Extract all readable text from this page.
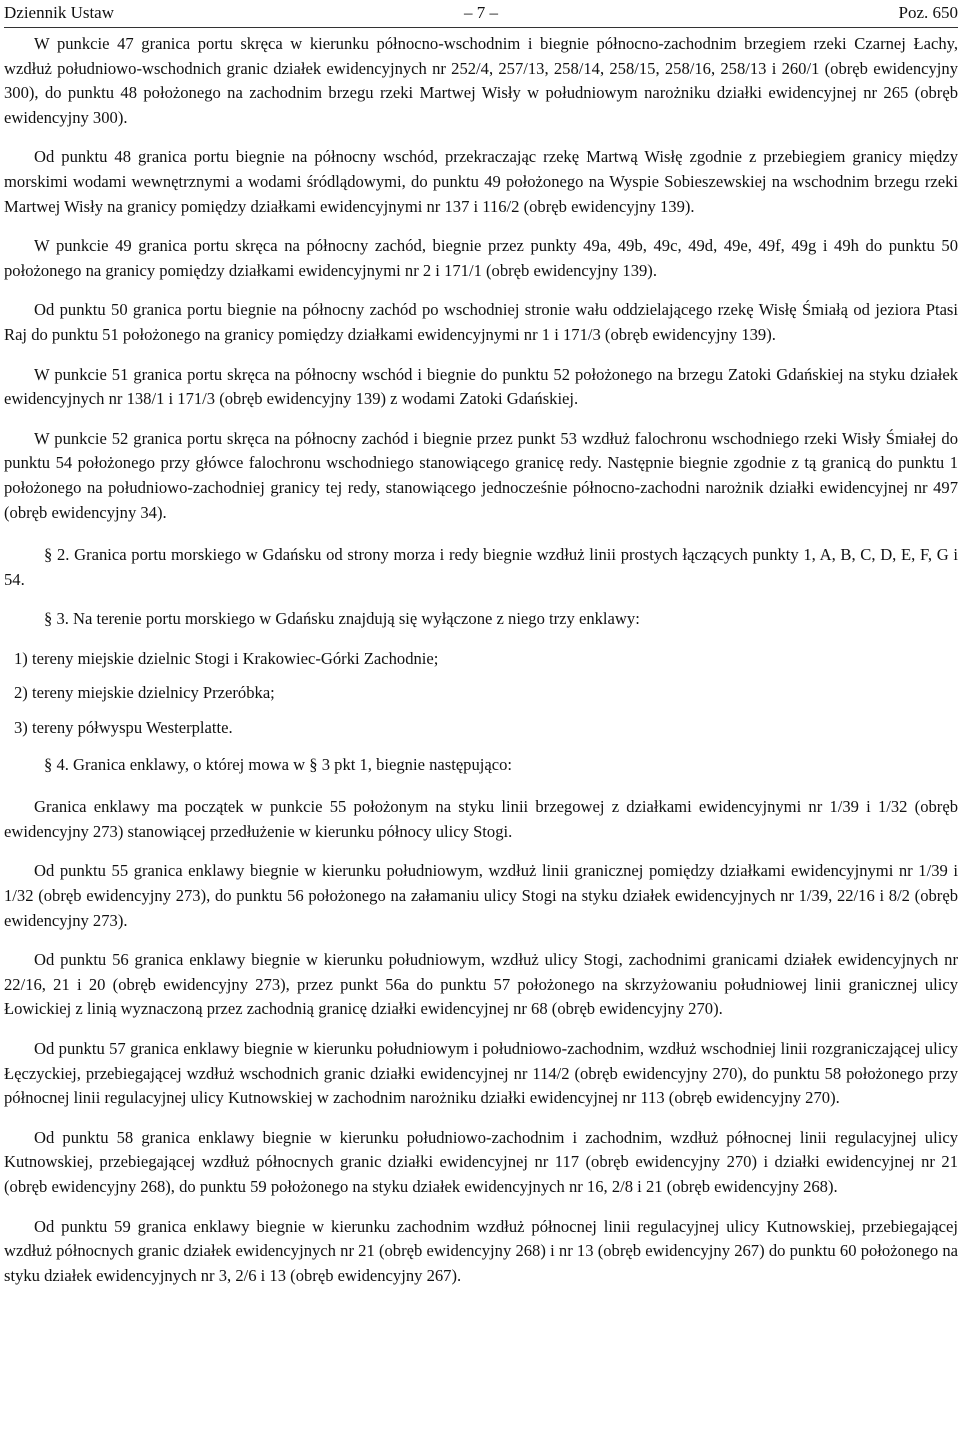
Dziennik Ustaw	– 7 –	Poz. 650

W punkcie 47 granica portu skręca w kierunku północno-wschodnim i biegnie północno-zachodnim brzegiem rzeki Czarnej Łachy, wzdłuż południowo-wschodnich granic działek ewidencyjnych nr 252/4, 257/13, 258/14, 258/15, 258/16, 258/13 i 260/1 (obręb ewidencyjny 300), do punktu 48 położonego na zachodnim brzegu rzeki Martwej Wisły w południowym narożniku działki ewidencyjnej nr 265 (obręb ewidencyjny 300).

Od punktu 48 granica portu biegnie na północny wschód, przekraczając rzekę Martwą Wisłę zgodnie z przebiegiem granicy między morskimi wodami wewnętrznymi a wodami śródlądowymi, do punktu 49 położonego na Wyspie Sobieszewskiej na wschodnim brzegu rzeki Martwej Wisły na granicy pomiędzy działkami ewidencyjnymi nr 137 i 116/2 (obręb ewidencyjny 139).

W punkcie 49 granica portu skręca na północny zachód, biegnie przez punkty 49a, 49b, 49c, 49d, 49e, 49f, 49g i 49h do punktu 50 położonego na granicy pomiędzy działkami ewidencyjnymi nr 2 i 171/1 (obręb ewidencyjny 139).

Od punktu 50 granica portu biegnie na północny zachód po wschodniej stronie wału oddzielającego rzekę Wisłę Śmiałą od jeziora Ptasi Raj do punktu 51 położonego na granicy pomiędzy działkami ewidencyjnymi nr 1 i 171/3 (obręb ewidencyjny 139).

W punkcie 51 granica portu skręca na północny wschód i biegnie do punktu 52 położonego na brzegu Zatoki Gdańskiej na styku działek ewidencyjnych nr 138/1 i 171/3 (obręb ewidencyjny 139) z wodami Zatoki Gdańskiej.

W punkcie 52 granica portu skręca na północny zachód i biegnie przez punkt 53 wzdłuż falochronu wschodniego rzeki Wisły Śmiałej do punktu 54 położonego przy główce falochronu wschodniego stanowiącego granicę redy. Następnie biegnie zgodnie z tą granicą do punktu 1 położonego na południowo-zachodniej granicy tej redy, stanowiącego jednocześnie północno-zachodni narożnik działki ewidencyjnej nr 497 (obręb ewidencyjny 34).

§ 2. Granica portu morskiego w Gdańsku od strony morza i redy biegnie wzdłuż linii prostych łączących punkty 1, A, B, C, D, E, F, G i 54.

§ 3. Na terenie portu morskiego w Gdańsku znajdują się wyłączone z niego trzy enklawy:

1) tereny miejskie dzielnic Stogi i Krakowiec-Górki Zachodnie;
2) tereny miejskie dzielnicy Przeróbka;
3) tereny półwyspu Westerplatte.

§ 4. Granica enklawy, o której mowa w § 3 pkt 1, biegnie następująco:

Granica enklawy ma początek w punkcie 55 położonym na styku linii brzegowej z działkami ewidencyjnymi nr 1/39 i 1/32 (obręb ewidencyjny 273) stanowiącej przedłużenie w kierunku północy ulicy Stogi.

Od punktu 55 granica enklawy biegnie w kierunku południowym, wzdłuż linii granicznej pomiędzy działkami ewidencyjnymi nr 1/39 i 1/32 (obręb ewidencyjny 273), do punktu 56 położonego na załamaniu ulicy Stogi na styku działek ewidencyjnych nr 1/39, 22/16 i 8/2 (obręb ewidencyjny 273).

Od punktu 56 granica enklawy biegnie w kierunku południowym, wzdłuż ulicy Stogi, zachodnimi granicami działek ewidencyjnych nr 22/16, 21 i 20 (obręb ewidencyjny 273), przez punkt 56a do punktu 57 położonego na skrzyżowaniu południowej linii granicznej ulicy Łowickiej z linią wyznaczoną przez zachodnią granicę działki ewidencyjnej nr 68 (obręb ewidencyjny 270).

Od punktu 57 granica enklawy biegnie w kierunku południowym i południowo-zachodnim, wzdłuż wschodniej linii rozgraniczającej ulicy Łęczyckiej, przebiegającej wzdłuż wschodnich granic działki ewidencyjnej nr 114/2 (obręb ewidencyjny 270), do punktu 58 położonego przy północnej linii regulacyjnej ulicy Kutnowskiej w zachodnim narożniku działki ewidencyjnej nr 113 (obręb ewidencyjny 270).

Od punktu 58 granica enklawy biegnie w kierunku południowo-zachodnim i zachodnim, wzdłuż północnej linii regulacyjnej ulicy Kutnowskiej, przebiegającej wzdłuż północnych granic działki ewidencyjnej nr 117 (obręb ewidencyjny 270) i działki ewidencyjnej nr 21 (obręb ewidencyjny 268), do punktu 59 położonego na styku działek ewidencyjnych nr 16, 2/8 i 21 (obręb ewidencyjny 268).

Od punktu 59 granica enklawy biegnie w kierunku zachodnim wzdłuż północnej linii regulacyjnej ulicy Kutnowskiej, przebiegającej wzdłuż północnych granic działek ewidencyjnych nr 21 (obręb ewidencyjny 268) i nr 13 (obręb ewidencyjny 267) do punktu 60 położonego na styku działek ewidencyjnych nr 3, 2/6 i 13 (obręb ewidencyjny 267).
